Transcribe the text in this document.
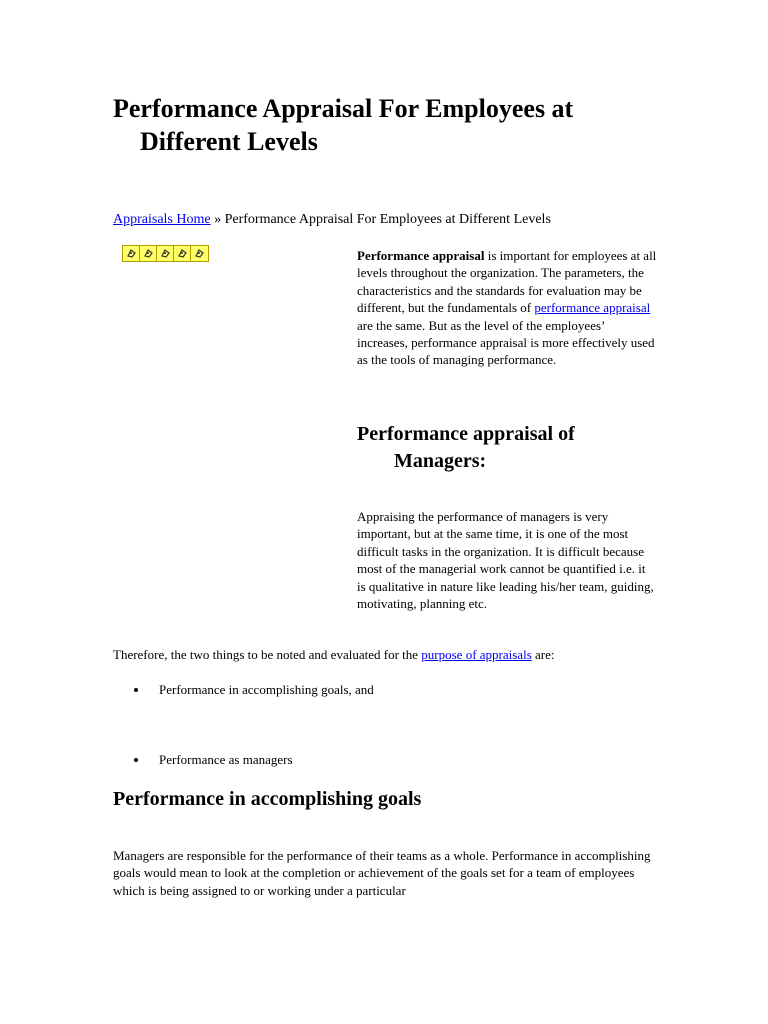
Performance Appraisal For Employees at
Different Levels
Appraisals Home » Performance Appraisal For Employees at Different Levels
Performance appraisal is important for employees at all levels throughout the organization. The parameters, the characteristics and the standards for evaluation may be different, but the fundamentals of performance appraisal are the same. But as the level of the employees’ increases, performance appraisal is more effectively used as the tools of managing performance.
Performance appraisal of
Managers:
Appraising the performance of managers is very important, but at the same time, it is one of the most difficult tasks in the organization. It is difficult because most of the managerial work cannot be quantified i.e. it is qualitative in nature like leading his/her team, guiding, motivating, planning etc.
Therefore, the two things to be noted and evaluated for the purpose of appraisals are:
Performance in accomplishing goals, and
Performance as managers
Performance in accomplishing goals
Managers are responsible for the performance of their teams as a whole. Performance in accomplishing goals would mean to look at the completion or achievement of the goals set for a team of employees which is being assigned to or working under a particular
